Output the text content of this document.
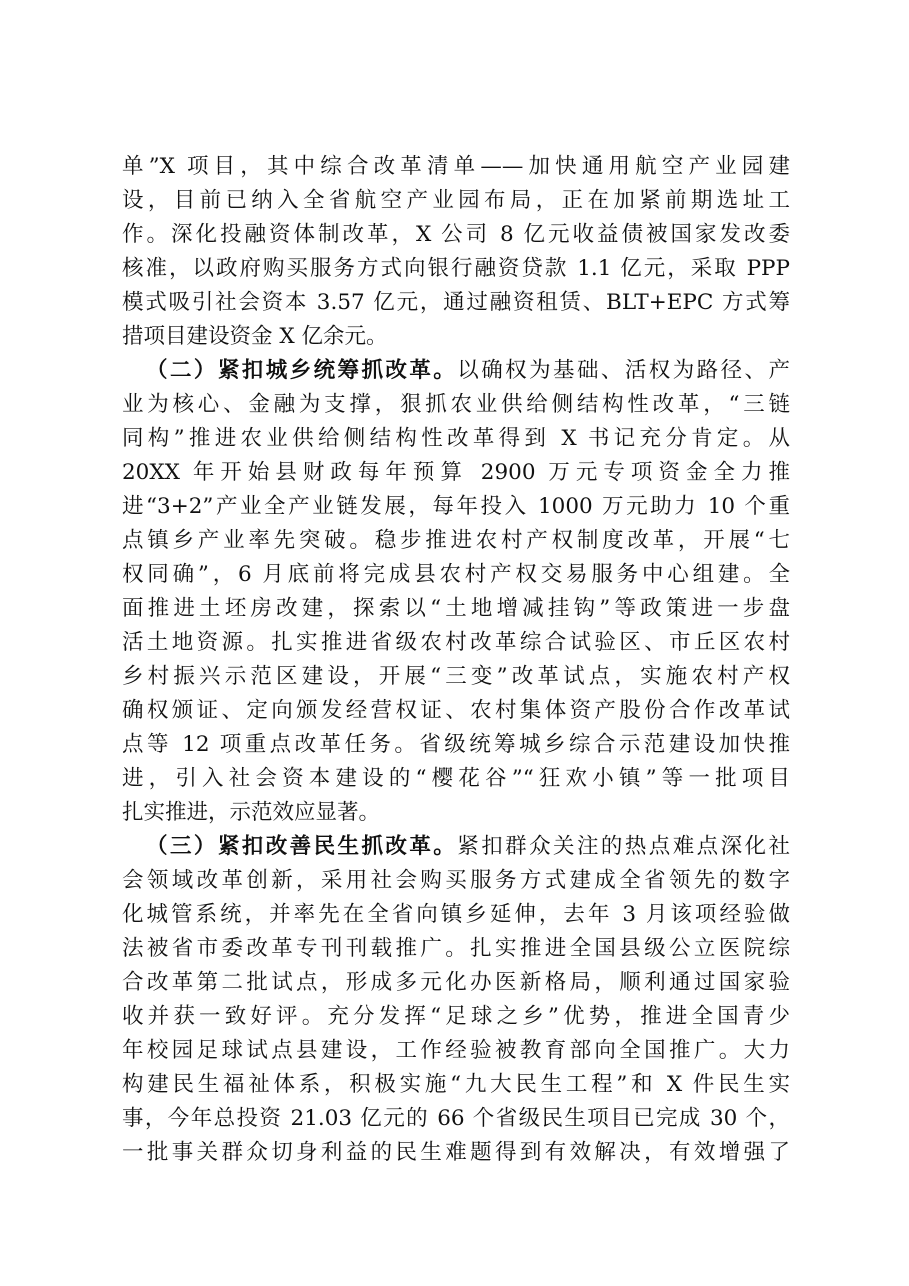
单”X 项目，其中综合改革清单——加快通用航空产业园建
设，目前已纳入全省航空产业园布局，正在加紧前期选址工
作。深化投融资体制改革，X 公司 8 亿元收益债被国家发改委
核准，以政府购买服务方式向银行融资贷款 1.1 亿元，采取 PPP
模式吸引社会资本 3.57 亿元，通过融资租赁、BLT+EPC 方式筹
措项目建设资金 X 亿余元。
（二）紧扣城乡统筹抓改革。以确权为基础、活权为路径、产
业为核心、金融为支撑，狠抓农业供给侧结构性改革，“三链
同构”推进农业供给侧结构性改革得到 X 书记充分肯定。从
20XX 年开始县财政每年预算 2900 万元专项资金全力推
进“3+2”产业全产业链发展，每年投入 1000 万元助力 10 个重
点镇乡产业率先突破。稳步推进农村产权制度改革，开展“七
权同确”，6 月底前将完成县农村产权交易服务中心组建。全
面推进土坯房改建，探索以“土地增减挂钩”等政策进一步盘
活土地资源。扎实推进省级农村改革综合试验区、市丘区农村
乡村振兴示范区建设，开展“三变”改革试点，实施农村产权
确权颁证、定向颁发经营权证、农村集体资产股份合作改革试
点等 12 项重点改革任务。省级统筹城乡综合示范建设加快推
进，引入社会资本建设的“樱花谷”“狂欢小镇”等一批项目
扎实推进，示范效应显著。
（三）紧扣改善民生抓改革。紧扣群众关注的热点难点深化社
会领域改革创新，采用社会购买服务方式建成全省领先的数字
化城管系统，并率先在全省向镇乡延伸，去年 3 月该项经验做
法被省市委改革专刊刊载推广。扎实推进全国县级公立医院综
合改革第二批试点，形成多元化办医新格局，顺利通过国家验
收并获一致好评。充分发挥“足球之乡”优势，推进全国青少
年校园足球试点县建设，工作经验被教育部向全国推广。大力
构建民生福祉体系，积极实施“九大民生工程”和 X 件民生实
事，今年总投资 21.03 亿元的 66 个省级民生项目已完成 30 个，
一批事关群众切身利益的民生难题得到有效解决，有效增强了
